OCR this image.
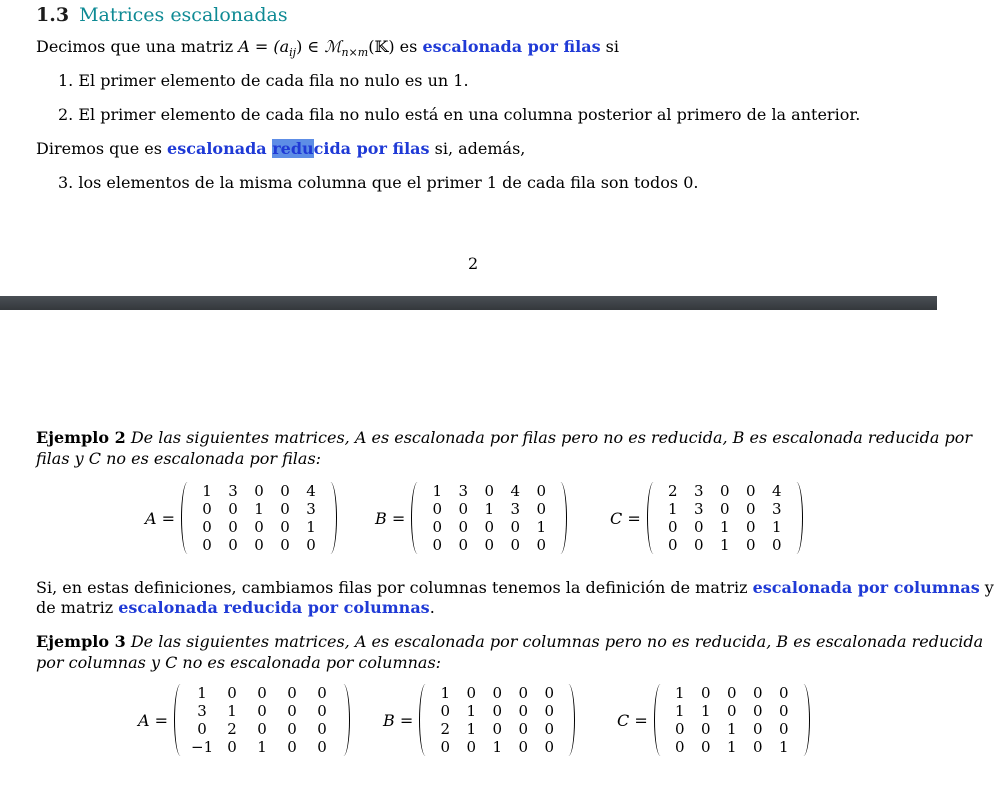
1.3 Matrices escalonadas
Decimos que una matriz $A = (a_{ij})$ ∈ ℳ$_{n\times m}$(𝕂) es escalonada por filas si
1. El primer elemento de cada fila no nulo es un 1.
2. El primer elemento de cada fila no nulo está en una columna posterior al primero de la anterior.
Diremos que es escalonada reducida por filas si, además,
3. los elementos de la misma columna que el primer 1 de cada fila son todos 0.
2
Ejemplo 2 De las siguientes matrices, A es escalonada por filas pero no es reducida, B es escalonada reducida por
filas y C no es escalonada por filas:
A =
1	3	0	0	4
0	0	1	0	3
0	0	0	0	1
0	0	0	0	0
B =
1	3	0	4	0
0	0	1	3	0
0	0	0	0	1
0	0	0	0	0
C =
2	3	0	0	4
1	3	0	0	3
0	0	1	0	1
0	0	1	0	0
Si, en estas definiciones, cambiamos filas por columnas tenemos la definición de matriz escalonada por columnas y
de matriz escalonada reducida por columnas.
Ejemplo 3 De las siguientes matrices, A es escalonada por columnas pero no es reducida, B es escalonada reducida
por columnas y C no es escalonada por columnas:
A =
1	0	0	0	0
3	1	0	0	0
0	2	0	0	0
−1 0	1	0	0
B =
1	0	0	0	0
0	1	0	0	0
2	1	0	0	0
0	0	1	0	0
C =
1	0	0	0	0
1	1	0	0	0
0	0	1	0	0
0	0	1	0	1
